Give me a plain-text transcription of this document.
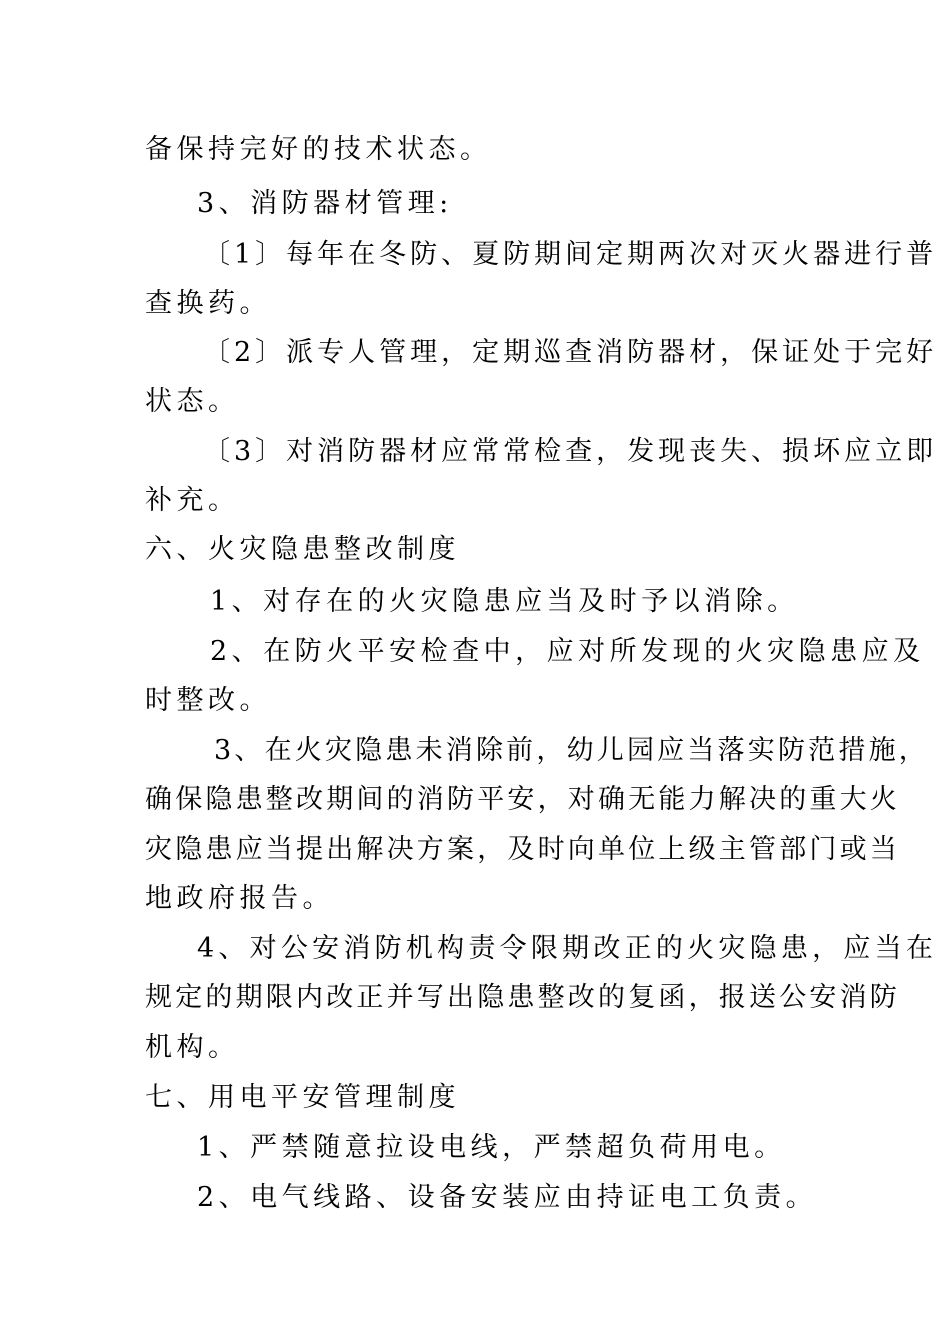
备保持完好的技术状态。
3、消防器材管理:
〔1〕每年在冬防、夏防期间定期两次对灭火器进行普
查换药。
〔2〕派专人管理，定期巡查消防器材，保证处于完好
状态。
〔3〕对消防器材应常常检查，发现丧失、损坏应立即
补充。
六、火灾隐患整改制度
1、对存在的火灾隐患应当及时予以消除。
2、在防火平安检查中，应对所发现的火灾隐患应及
时整改。
3、在火灾隐患未消除前，幼儿园应当落实防范措施，
确保隐患整改期间的消防平安，对确无能力解决的重大火
灾隐患应当提出解决方案，及时向单位上级主管部门或当
地政府报告。
4、对公安消防机构责令限期改正的火灾隐患，应当在
规定的期限内改正并写出隐患整改的复函，报送公安消防
机构。
七、用电平安管理制度
1、严禁随意拉设电线，严禁超负荷用电。
2、电气线路、设备安装应由持证电工负责。
